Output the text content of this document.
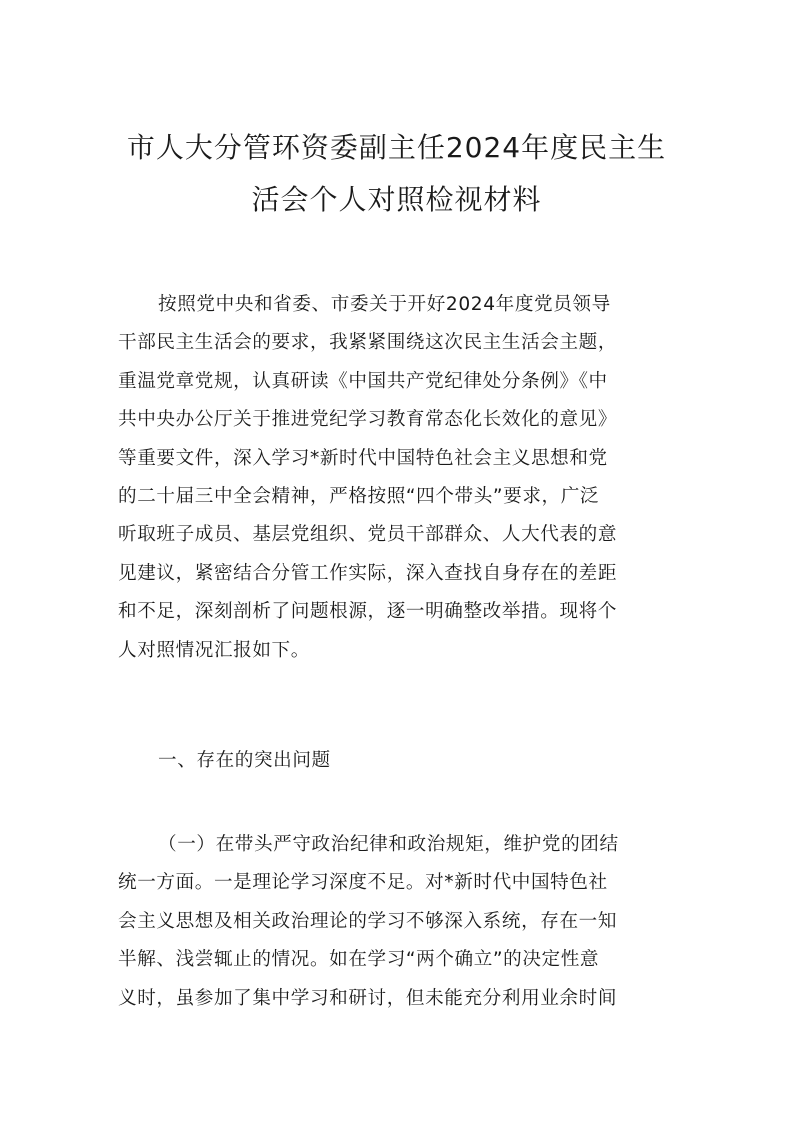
市人大分管环资委副主任2024年度民主生
活会个人对照检视材料
按照党中央和省委、市委关于开好2024年度党员领导
干部民主生活会的要求，我紧紧围绕这次民主生活会主题，
重温党章党规，认真研读《中国共产党纪律处分条例》《中
共中央办公厅关于推进党纪学习教育常态化长效化的意见》
等重要文件，深入学习*新时代中国特色社会主义思想和党
的二十届三中全会精神，严格按照“四个带头”要求，广泛
听取班子成员、基层党组织、党员干部群众、人大代表的意
见建议，紧密结合分管工作实际，深入查找自身存在的差距
和不足，深刻剖析了问题根源，逐一明确整改举措。现将个
人对照情况汇报如下。
一、存在的突出问题
（一）在带头严守政治纪律和政治规矩，维护党的团结
统一方面。一是理论学习深度不足。对*新时代中国特色社
会主义思想及相关政治理论的学习不够深入系统，存在一知
半解、浅尝辄止的情况。如在学习“两个确立”的决定性意
义时，虽参加了集中学习和研讨，但未能充分利用业余时间
